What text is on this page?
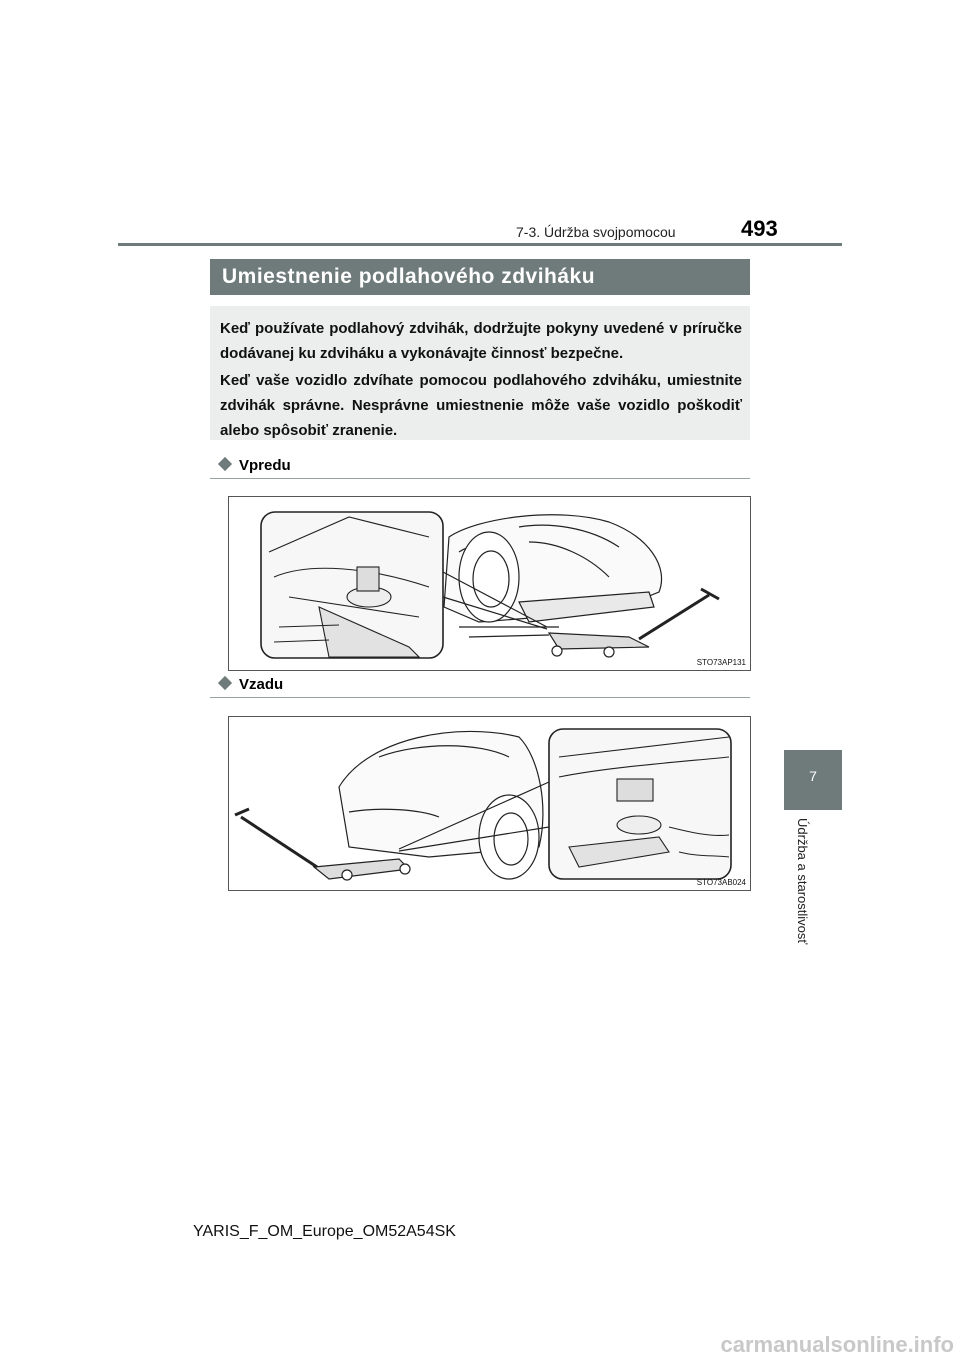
7-3. Údržba svojpomocou	493
7
Údržba a starostlivosť
Umiestnenie podlahového zdviháku

Keď používate podlahový zdvihák, dodržujte pokyny uvedené v príručke dodávanej ku zdviháku a vykonávajte činnosť bezpečne.

Keď vaše vozidlo zdvíhate pomocou podlahového zdviháku, umiestnite zdvihák správne. Nesprávne umiestnenie môže vaše vozidlo poškodiť alebo spôsobiť zranenie.

Vpredu
STO73AP131
Vzadu
STO73AB024
YARIS_F_OM_Europe_OM52A54SK
carmanualsonline.info
